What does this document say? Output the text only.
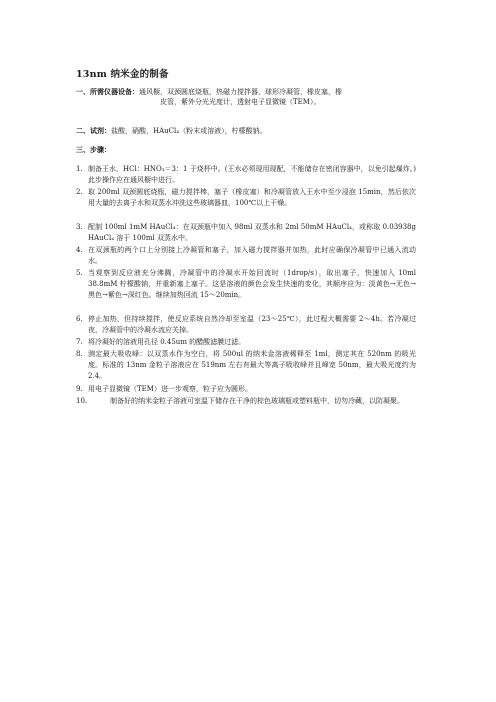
13nm 纳米金的制备
一、所需仪器设备：通风橱，双颈圆底烧瓶，热磁力搅拌器，球形冷凝管，橡皮塞，橡
皮管，紫外分光光度计，透射电子显微镜（TEM）。
二、试剂：盐酸，硝酸，HAuCl₄（粉末或溶液），柠檬酸钠。
三、步骤：
1. 制备王水，HCl：HNO₃＝3：1 于烧杯中。(王水必须现用现配，不能储存在密闭容器中，以免引起爆炸。) 此步操作应在通风橱中进行。
2. 取 200ml 双颈圆底烧瓶，磁力搅拌棒，塞子（橡皮塞）和冷凝管放入王水中至少浸泡 15min，然后依次用大量的去离子水和双蒸水冲洗这些玻璃器皿，100℃以上干燥。
3. 配制 100ml 1mM HAuCl₄：在双颈瓶中加入 98ml 双蒸水和 2ml 50mM HAuCl₄，或称取 0.03938g HAuCl₄ 溶于 100ml 双蒸水中。
4. 在双颈瓶的两个口上分别接上冷凝管和塞子，加入磁力搅拌器并加热，此时应确保冷凝管中已通入流动水。
5. 当观察到反应液充分沸腾，冷凝管中的冷凝水开始回流时（1drop/s），取出塞子，快速加入 10ml 38.8mM 柠檬酸钠，并重新塞上塞子。这是溶液的颜色会发生快速的变化，其顺序应为：淡黄色→无色→黑色→紫色→深红色。继续加热回流 15～20min。
6. 停止加热，但持续搅拌，使反应系统自然冷却至室温（23～25℃），此过程大概需要 2～4h。若冷凝过夜，冷凝管中的冷凝水流应关掉。
7. 将冷凝好的溶液用孔径 0.45um 的醋酸滤膜过滤。
8. 测定最大吸收峰：以双蒸水作为空白，将 500ul 的纳米金溶液稀释至 1ml，测定其在 520nm 的吸光度。标准的 13nm 金粒子溶液应在 519nm 左右有最大等离子吸收峰并且峰宽 50nm，最大吸光度约为 2.4。
9. 用电子显微镜（TEM）进一步观察，粒子应为圆形。
10.	制备好的纳米金粒子溶液可室温下储存在干净的棕色玻璃瓶或塑料瓶中，切勿冷藏，以防凝聚。
